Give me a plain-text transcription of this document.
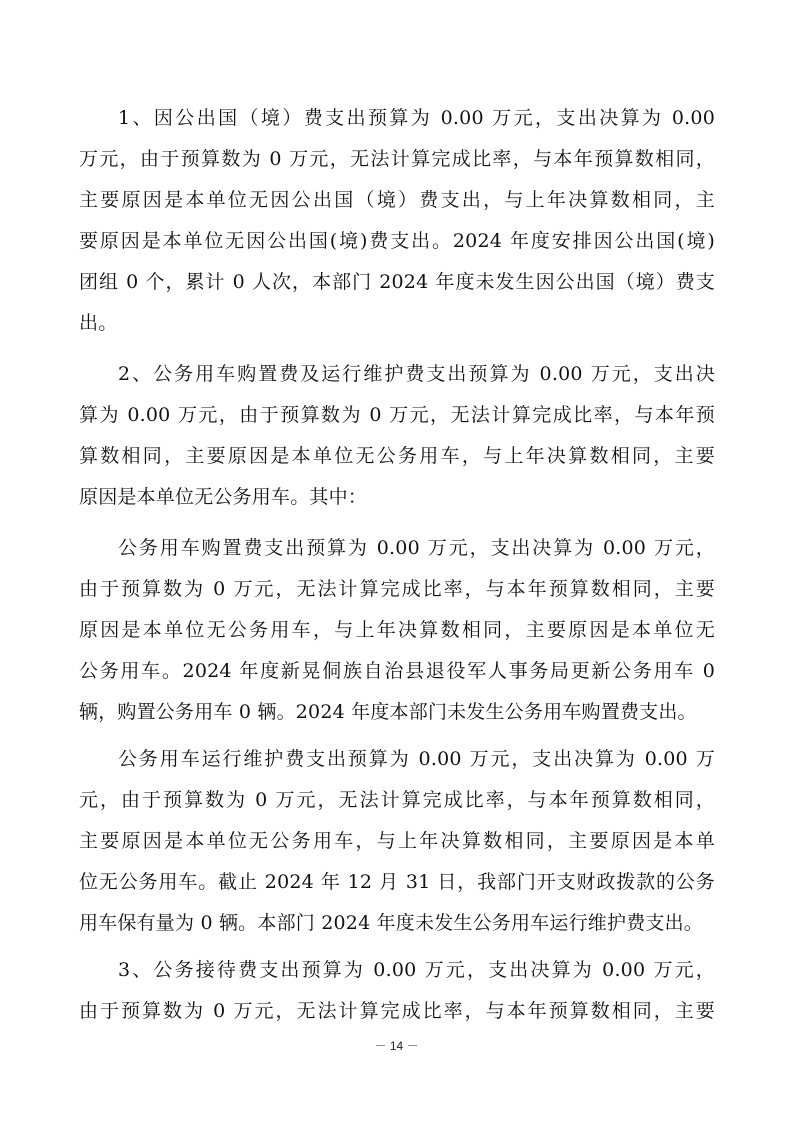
1、因公出国（境）费支出预算为 0.00 万元，支出决算为 0.00
万元，由于预算数为 0 万元，无法计算完成比率，与本年预算数相同，
主要原因是本单位无因公出国（境）费支出，与上年决算数相同，主
要原因是本单位无因公出国(境)费支出。2024 年度安排因公出国(境)
团组 0 个，累计 0 人次，本部门 2024 年度未发生因公出国（境）费支
出。
2、公务用车购置费及运行维护费支出预算为 0.00 万元，支出决
算为 0.00 万元，由于预算数为 0 万元，无法计算完成比率，与本年预
算数相同，主要原因是本单位无公务用车，与上年决算数相同，主要
原因是本单位无公务用车。其中：
公务用车购置费支出预算为 0.00 万元，支出决算为 0.00 万元，
由于预算数为 0 万元，无法计算完成比率，与本年预算数相同，主要
原因是本单位无公务用车，与上年决算数相同，主要原因是本单位无
公务用车。2024 年度新晃侗族自治县退役军人事务局更新公务用车 0
辆，购置公务用车 0 辆。2024 年度本部门未发生公务用车购置费支出。
公务用车运行维护费支出预算为 0.00 万元，支出决算为 0.00 万
元，由于预算数为 0 万元，无法计算完成比率，与本年预算数相同，
主要原因是本单位无公务用车，与上年决算数相同，主要原因是本单
位无公务用车。截止 2024 年 12 月 31 日，我部门开支财政拨款的公务
用车保有量为 0 辆。本部门 2024 年度未发生公务用车运行维护费支出。
3、公务接待费支出预算为 0.00 万元，支出决算为 0.00 万元，
由于预算数为 0 万元，无法计算完成比率，与本年预算数相同，主要
－ 14 －
